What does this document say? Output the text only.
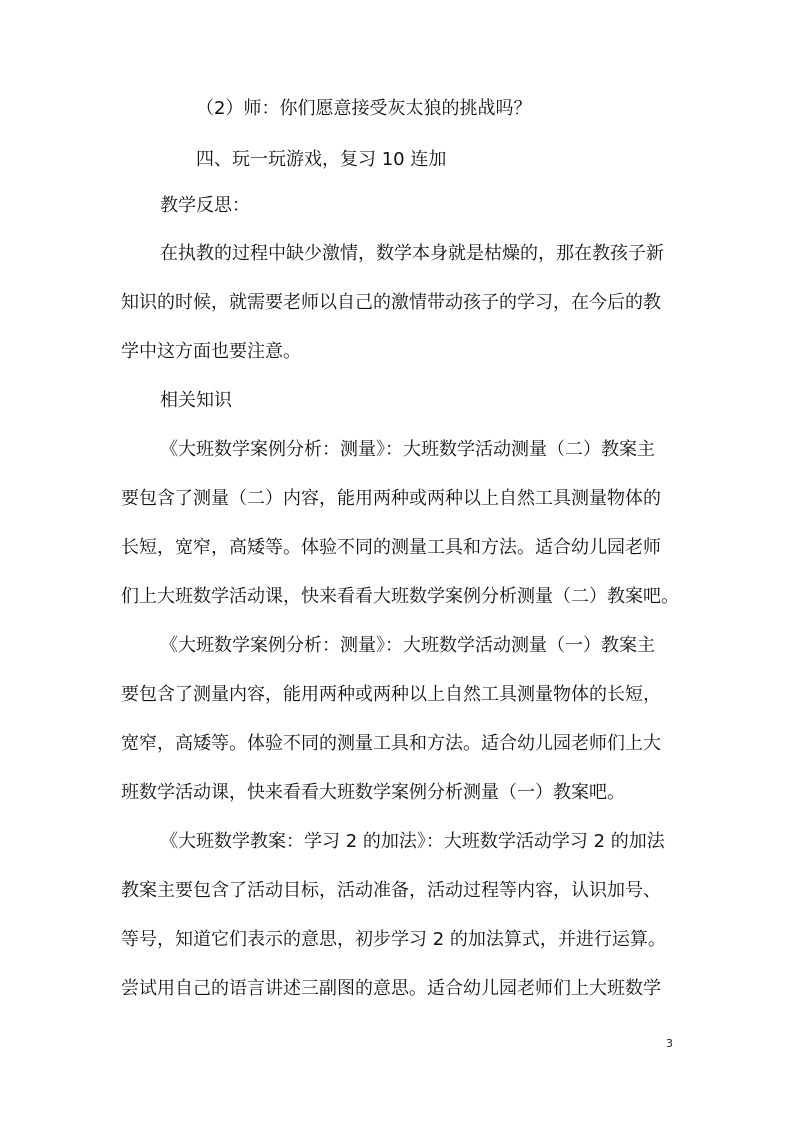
（2）师：你们愿意接受灰太狼的挑战吗？
四、玩一玩游戏，复习 10 连加
教学反思：
在执教的过程中缺少激情，数学本身就是枯燥的，那在教孩子新
知识的时候，就需要老师以自己的激情带动孩子的学习，在今后的教
学中这方面也要注意。
相关知识
《大班数学案例分析：测量》：大班数学活动测量（二）教案主
要包含了测量（二）内容，能用两种或两种以上自然工具测量物体的
长短，宽窄，高矮等。体验不同的测量工具和方法。适合幼儿园老师
们上大班数学活动课，快来看看大班数学案例分析测量（二）教案吧。
《大班数学案例分析：测量》：大班数学活动测量（一）教案主
要包含了测量内容，能用两种或两种以上自然工具测量物体的长短，
宽窄，高矮等。体验不同的测量工具和方法。适合幼儿园老师们上大
班数学活动课，快来看看大班数学案例分析测量（一）教案吧。
《大班数学教案：学习 2 的加法》：大班数学活动学习 2 的加法
教案主要包含了活动目标，活动准备，活动过程等内容，认识加号、
等号，知道它们表示的意思，初步学习 2 的加法算式，并进行运算。
尝试用自己的语言讲述三副图的意思。适合幼儿园老师们上大班数学
3
